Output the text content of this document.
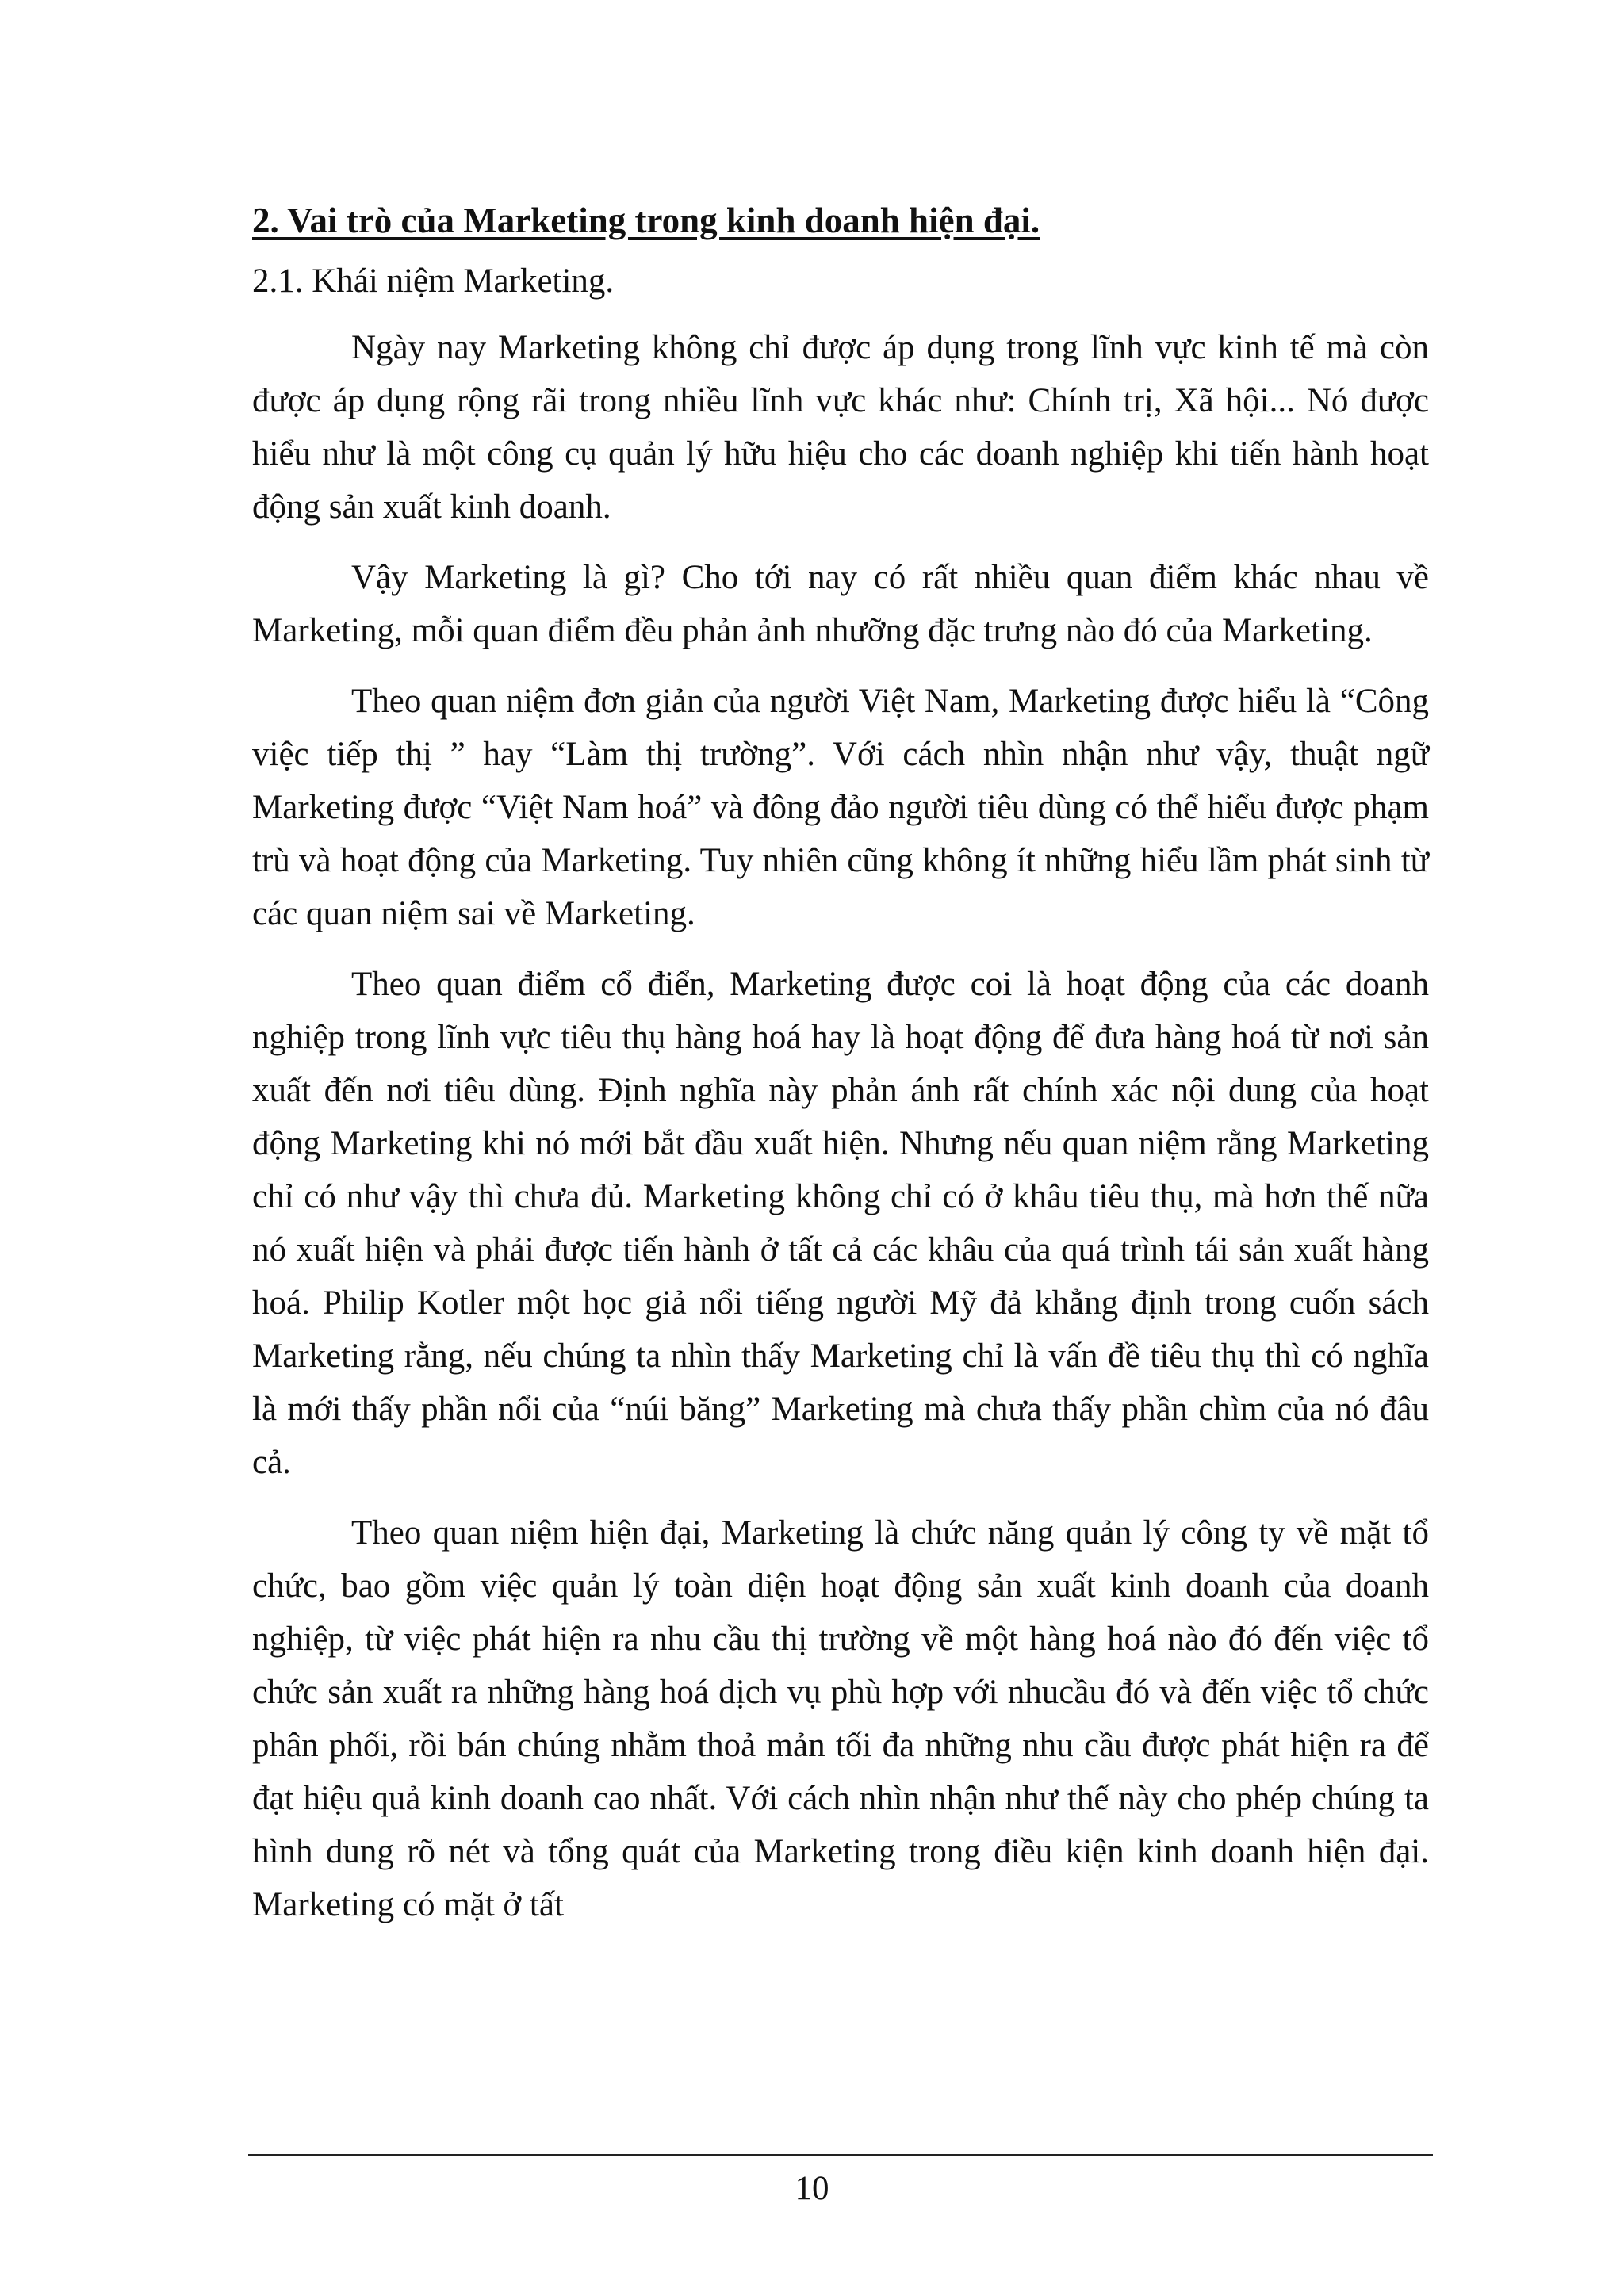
2. Vai trò của Marketing trong kinh doanh hiện đại.

2.1. Khái niệm Marketing.

Ngày nay Marketing không chỉ được áp dụng trong lĩnh vực kinh tế mà còn được áp dụng rộng rãi trong nhiều lĩnh vực khác như: Chính trị, Xã hội... Nó được hiểu như là một công cụ quản lý hữu hiệu cho các doanh nghiệp khi tiến hành hoạt động sản xuất kinh doanh.

Vậy Marketing là gì? Cho tới nay có rất nhiều quan điểm khác nhau về Marketing, mỗi quan điểm đều phản ảnh nhưỡng đặc trưng nào đó của Marketing.

Theo quan niệm đơn giản của người Việt Nam, Marketing được hiểu là “Công việc tiếp thị ” hay “Làm thị trường”. Với cách nhìn nhận như vậy, thuật ngữ Marketing được “Việt Nam hoá” và đông đảo người tiêu dùng có thể hiểu được phạm trù và hoạt động của Marketing. Tuy nhiên cũng không ít những hiểu lầm phát sinh từ các quan niệm sai về Marketing.

Theo quan điểm cổ điển, Marketing được coi là hoạt động của các doanh nghiệp trong lĩnh vực tiêu thụ hàng hoá hay là hoạt động để đưa hàng hoá từ nơi sản xuất đến nơi tiêu dùng. Định nghĩa này phản ánh rất chính xác nội dung của hoạt động Marketing khi nó mới bắt đầu xuất hiện. Nhưng nếu quan niệm rằng Marketing chỉ có như vậy thì chưa đủ. Marketing không chỉ có ở khâu tiêu thụ, mà hơn thế nữa nó xuất hiện và phải được tiến hành ở tất cả các khâu của quá trình tái sản xuất hàng hoá. Philip Kotler một học giả nổi tiếng người Mỹ đả khẳng định trong cuốn sách Marketing rằng, nếu chúng ta nhìn thấy Marketing chỉ là vấn đề tiêu thụ thì có nghĩa là mới thấy phần nổi của “núi băng” Marketing mà chưa thấy phần chìm của nó đâu cả.

Theo quan niệm hiện đại, Marketing là chức năng quản lý công ty về mặt tổ chức, bao gồm việc quản lý toàn diện hoạt động sản xuất kinh doanh của doanh nghiệp, từ việc phát hiện ra nhu cầu thị trường về một hàng hoá nào đó đến việc tổ chức sản xuất ra những hàng hoá dịch vụ phù hợp với nhucầu đó và đến việc tổ chức phân phối, rồi bán chúng nhằm thoả mản tối đa những nhu cầu được phát hiện ra để đạt hiệu quả kinh doanh cao nhất. Với cách nhìn nhận như thế này cho phép chúng ta hình dung rõ nét và tổng quát của Marketing trong điều kiện kinh doanh hiện đại. Marketing có mặt ở tất

10
